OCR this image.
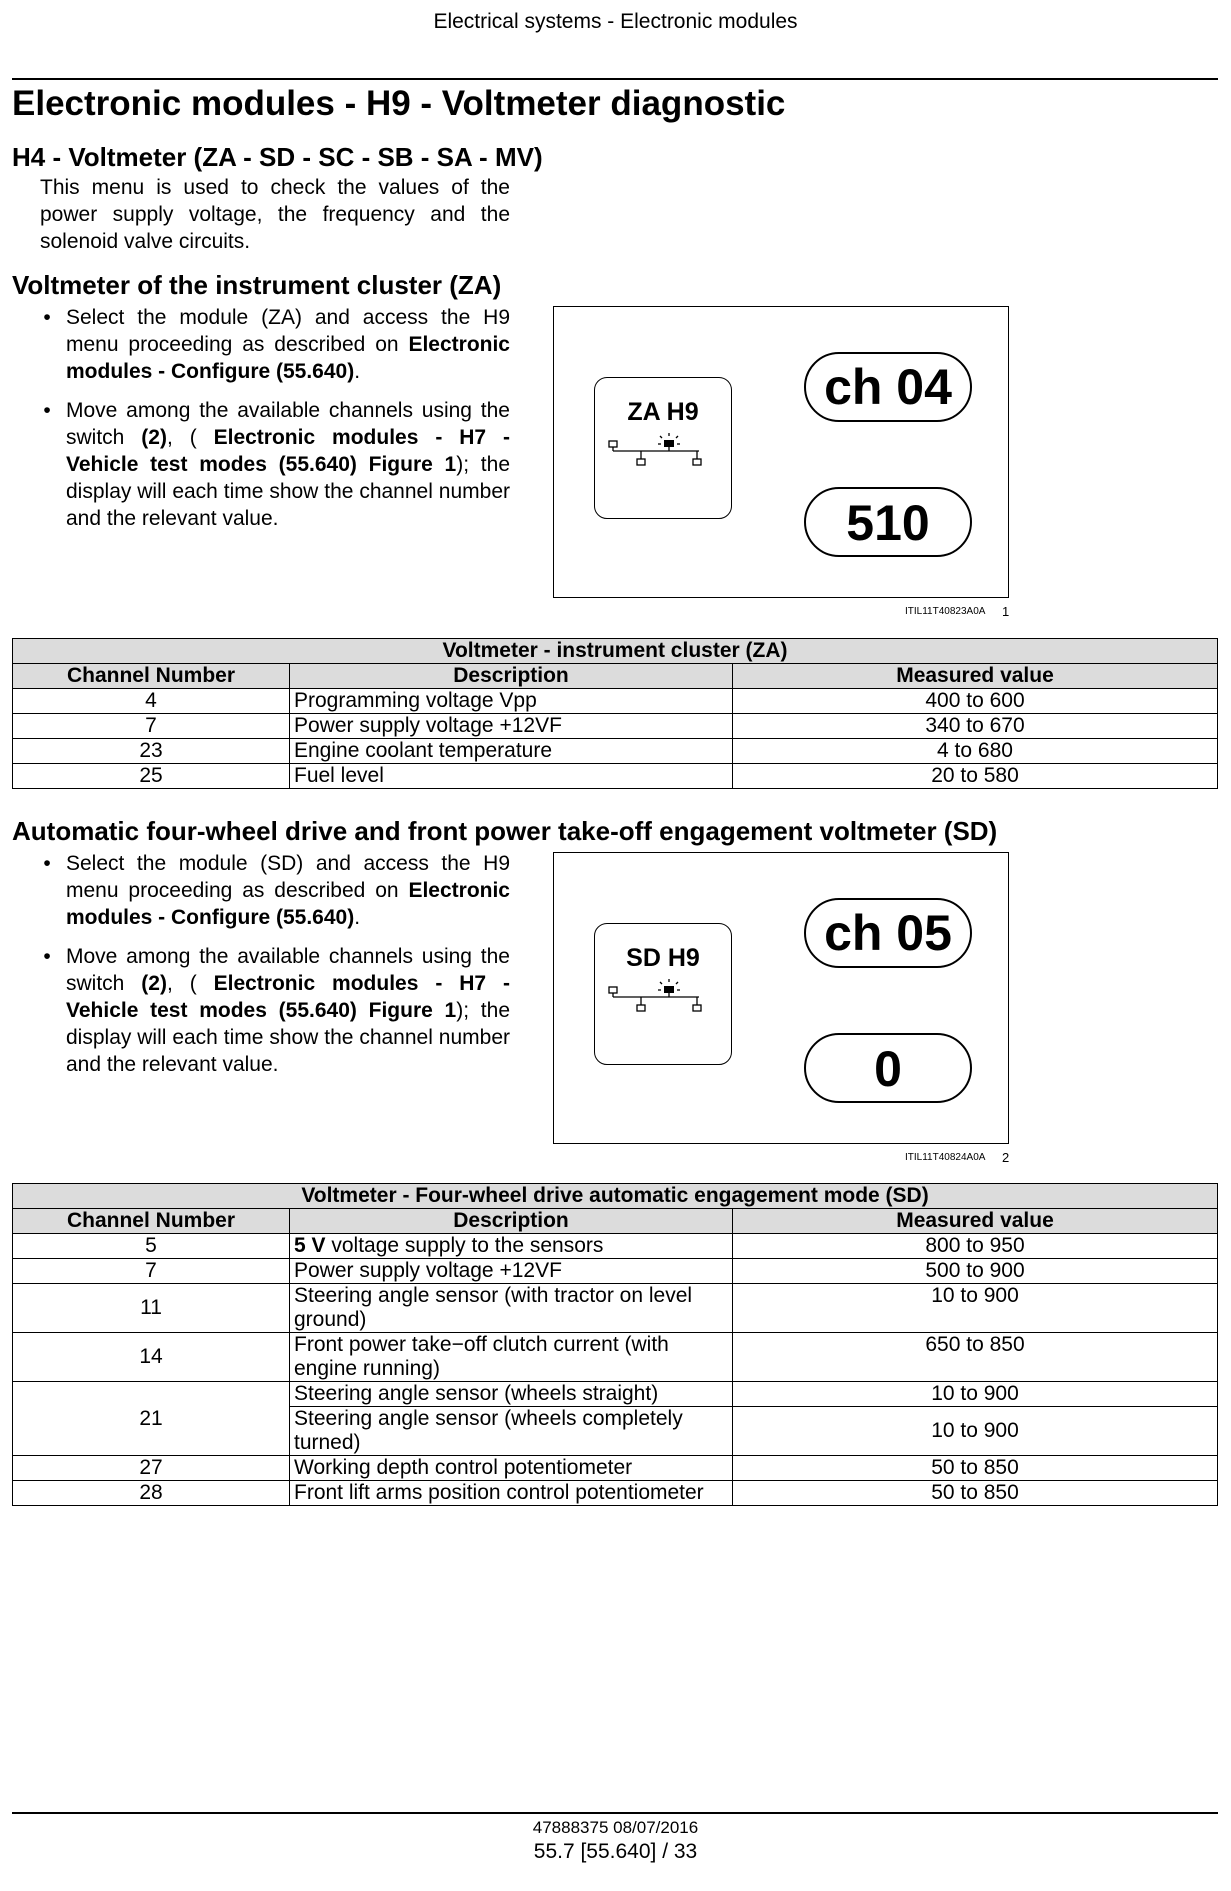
Electrical systems - Electronic modules
Electronic modules - H9 - Voltmeter diagnostic
H4 - Voltmeter (ZA - SD - SC - SB - SA - MV)
This menu is used to check the values of the power supply voltage, the frequency and the solenoid valve circuits.
Voltmeter of the instrument cluster (ZA)
• Select the module (ZA) and access the H9 menu proceeding as described on Electronic modules - Configure (55.640).
• Move among the available channels using the switch (2), ( Electronic modules - H7 - Vehicle test modes (55.640) Figure 1); the display will each time show the channel number and the relevant value.
ZA H9	ch 04
510
ITIL11T40823A0A 1
Voltmeter - instrument cluster (ZA)		
Channel Number	Description	Measured value
4	Programming voltage Vpp	400 to 600
7	Power supply voltage +12VF	340 to 670
23	Engine coolant temperature	4 to 680
25	Fuel level	20 to 580
Automatic four-wheel drive and front power take-off engagement voltmeter (SD)
• Select the module (SD) and access the H9 menu proceeding as described on Electronic modules - Configure (55.640).
• Move among the available channels using the switch (2), ( Electronic modules - H7 - Vehicle test modes (55.640) Figure 1); the display will each time show the channel number and the relevant value.
SD H9	ch 05
0
ITIL11T40824A0A 2
Voltmeter - Four-wheel drive automatic engagement mode (SD)		
Channel Number	Description	Measured value
5	5 V voltage supply to the sensors	800 to 950
7	Power supply voltage +12VF	500 to 900
11	Steering angle sensor (with tractor on level ground)	10 to 900
14	Front power take−off clutch current (with engine running)	650 to 850
21	Steering angle sensor (wheels straight)	10 to 900
	Steering angle sensor (wheels completely turned)	10 to 900
27	Working depth control potentiometer	50 to 850
28	Front lift arms position control potentiometer	50 to 850
47888375 08/07/2016
55.7 [55.640] / 33
